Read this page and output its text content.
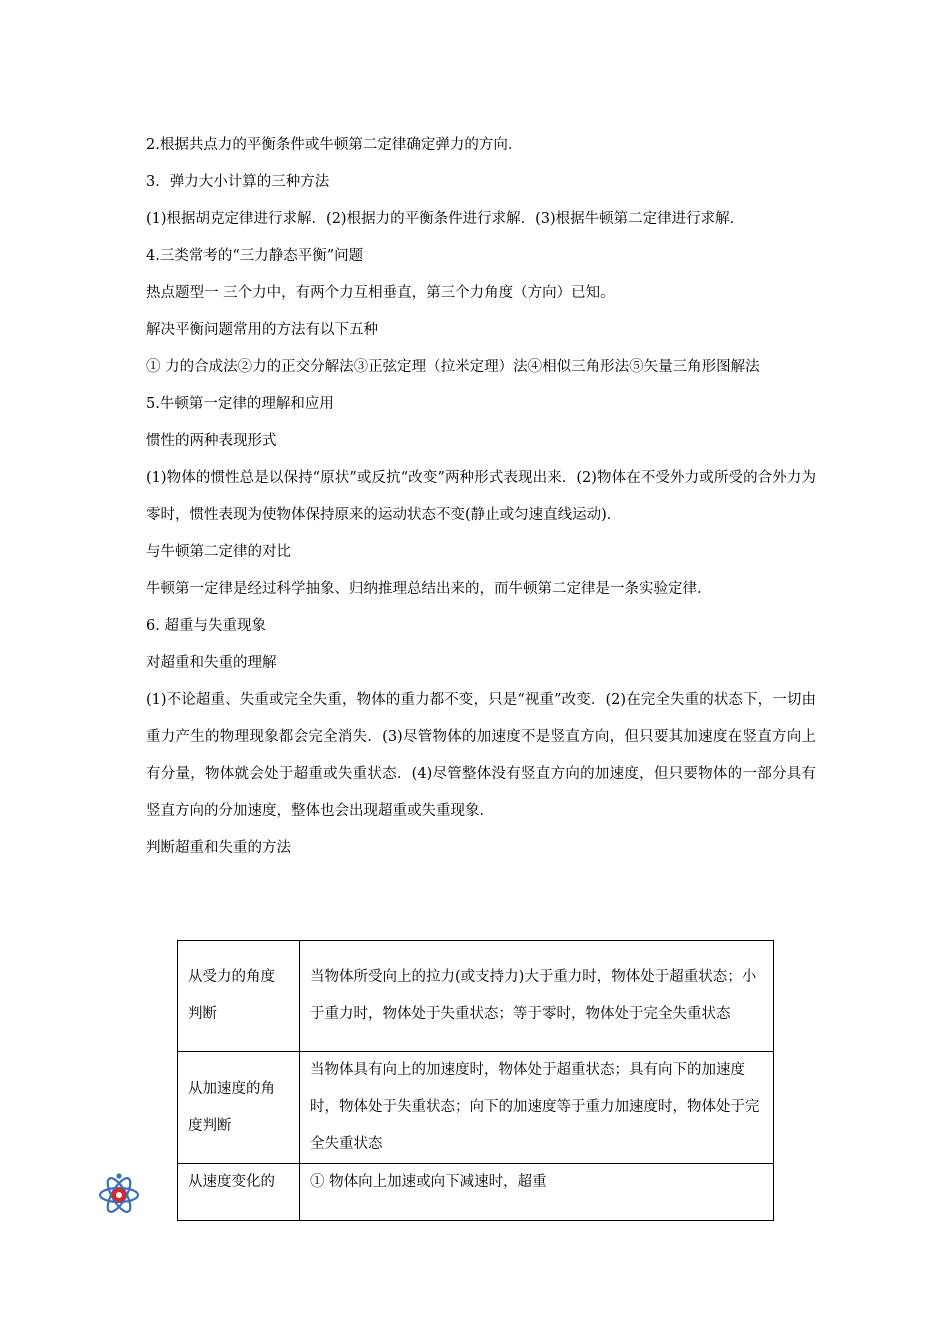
2.根据共点力的平衡条件或牛顿第二定律确定弹力的方向．

3．弹力大小计算的三种方法

(1)根据胡克定律进行求解．(2)根据力的平衡条件进行求解．(3)根据牛顿第二定律进行求解．

4.三类常考的“三力静态平衡”问题

热点题型一 三个力中，有两个力互相垂直，第三个力角度（方向）已知。

解决平衡问题常用的方法有以下五种

① 力的合成法②力的正交分解法③正弦定理（拉米定理）法④相似三角形法⑤矢量三角形图解法

5.牛顿第一定律的理解和应用

惯性的两种表现形式

(1)物体的惯性总是以保持“原状”或反抗“改变”两种形式表现出来．(2)物体在不受外力或所受的合外力为零时，惯性表现为使物体保持原来的运动状态不变(静止或匀速直线运动)．

与牛顿第二定律的对比

牛顿第一定律是经过科学抽象、归纳推理总结出来的，而牛顿第二定律是一条实验定律．

6. 超重与失重现象

对超重和失重的理解

(1)不论超重、失重或完全失重，物体的重力都不变，只是“视重”改变．(2)在完全失重的状态下，一切由重力产生的物理现象都会完全消失．(3)尽管物体的加速度不是竖直方向，但只要其加速度在竖直方向上有分量，物体就会处于超重或失重状态．(4)尽管整体没有竖直方向的加速度，但只要物体的一部分具有竖直方向的分加速度，整体也会出现超重或失重现象．

判断超重和失重的方法

从受力的角度判断	当物体所受向上的拉力(或支持力)大于重力时，物体处于超重状态；小于重力时，物体处于失重状态；等于零时，物体处于完全失重状态
从加速度的角度判断	当物体具有向上的加速度时，物体处于超重状态；具有向下的加速度时，物体处于失重状态；向下的加速度等于重力加速度时，物体处于完全失重状态
从速度变化的	① 物体向上加速或向下减速时，超重
